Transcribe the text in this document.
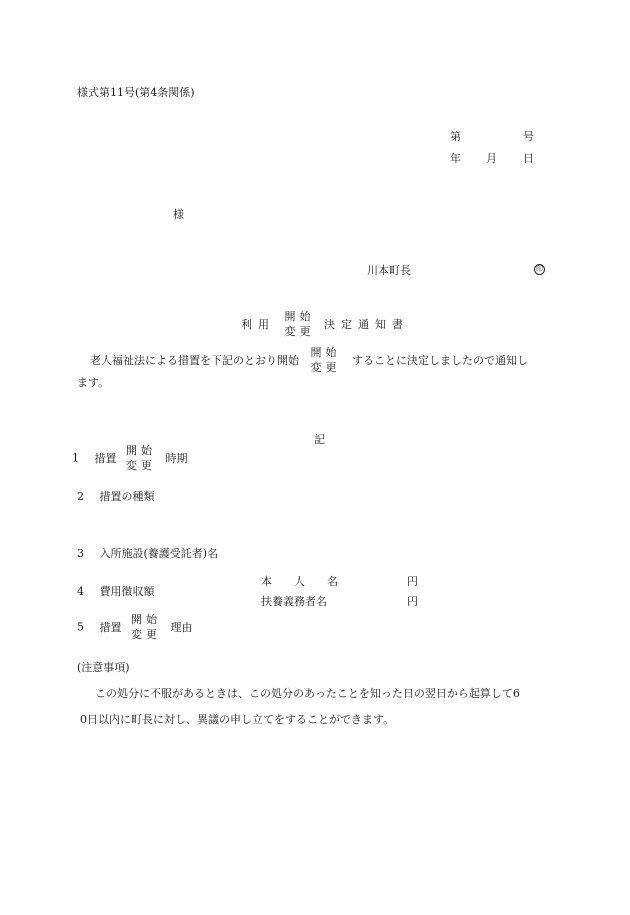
様式第11号(第4条関係)
第	号
年 月 日
様
川本町長	印
利用
開始
変更
決定通知書
老人福祉法による措置を下記のとおり開始
開始
変更
することに決定しましたので通知し
ます。
記
1 措置
開始
変更
時期
2 措置の種類
3 入所施設(養護受託者)名
4 費用徴収額
本　　人　　名	円
扶養義務者名	円
5 措置
開始
変更
理由
(注意事項)
この処分に不服があるときは、この処分のあったことを知った日の翌日から起算して6
0日以内に町長に対し、異議の申し立てをすることができます。
